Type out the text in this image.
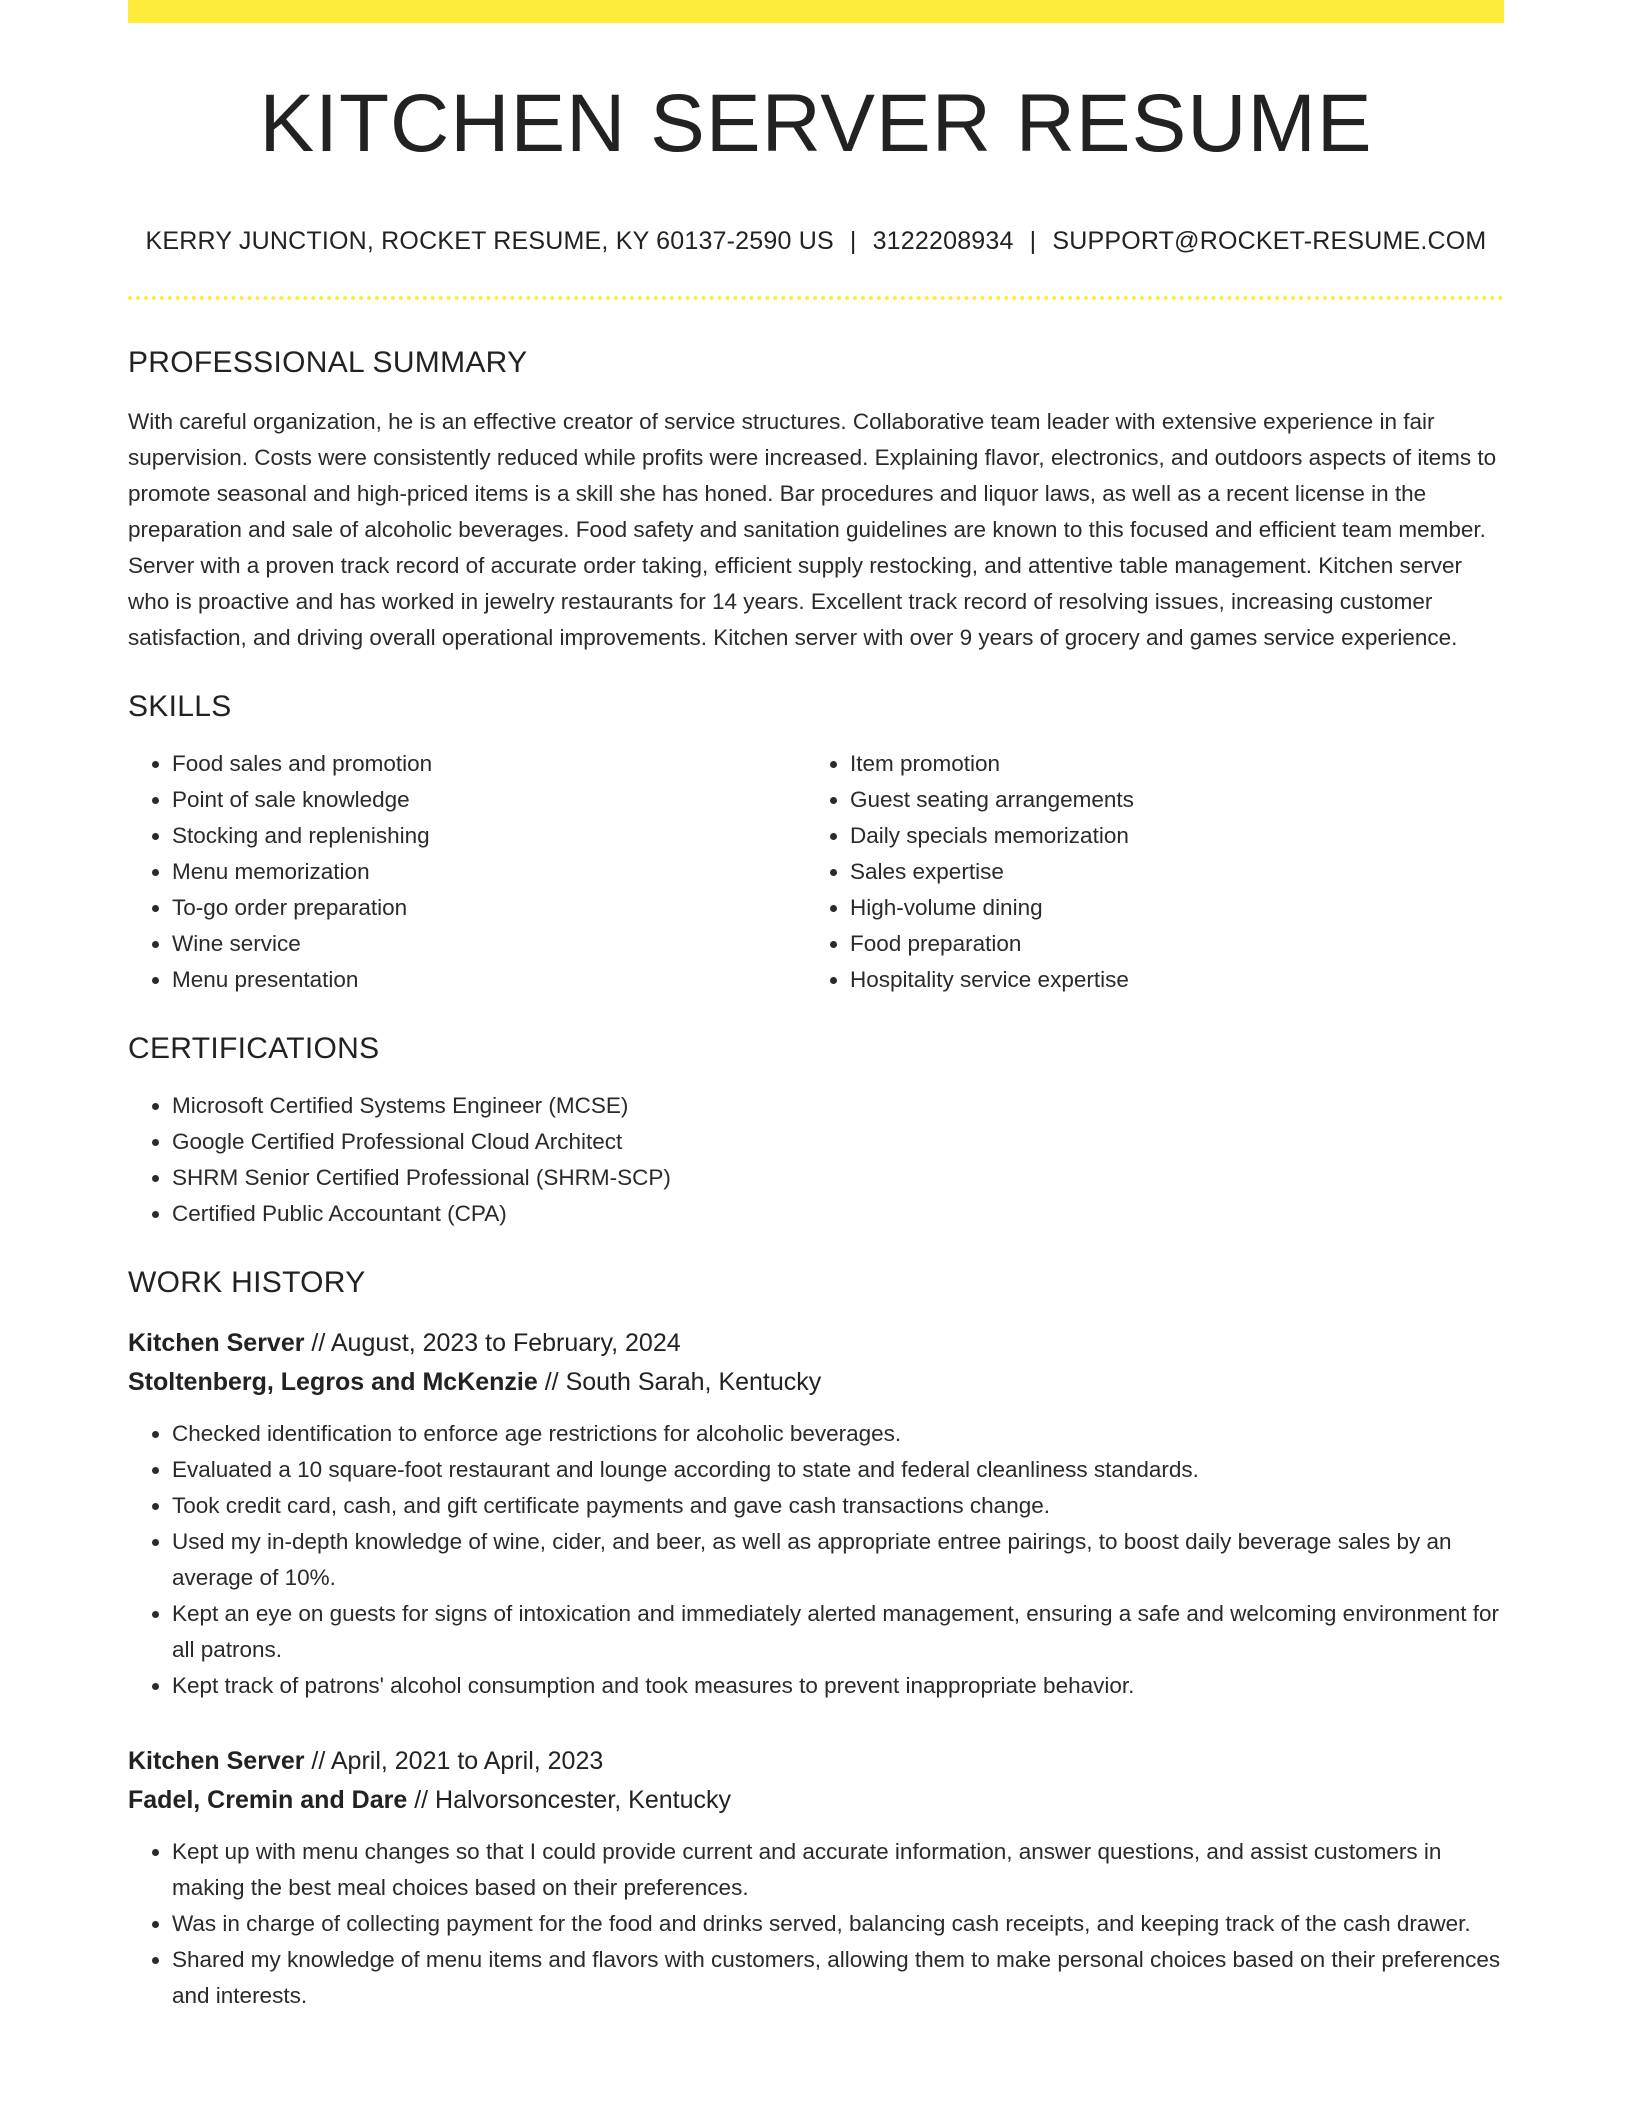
KITCHEN SERVER RESUME
KERRY JUNCTION, ROCKET RESUME, KY 60137-2590 US | 3122208934 | SUPPORT@ROCKET-RESUME.COM
PROFESSIONAL SUMMARY
With careful organization, he is an effective creator of service structures. Collaborative team leader with extensive experience in fair supervision. Costs were consistently reduced while profits were increased. Explaining flavor, electronics, and outdoors aspects of items to promote seasonal and high-priced items is a skill she has honed. Bar procedures and liquor laws, as well as a recent license in the preparation and sale of alcoholic beverages. Food safety and sanitation guidelines are known to this focused and efficient team member. Server with a proven track record of accurate order taking, efficient supply restocking, and attentive table management. Kitchen server who is proactive and has worked in jewelry restaurants for 14 years. Excellent track record of resolving issues, increasing customer satisfaction, and driving overall operational improvements. Kitchen server with over 9 years of grocery and games service experience.
SKILLS
• Food sales and promotion
• Point of sale knowledge
• Stocking and replenishing
• Menu memorization
• To-go order preparation
• Wine service
• Menu presentation
• Item promotion
• Guest seating arrangements
• Daily specials memorization
• Sales expertise
• High-volume dining
• Food preparation
• Hospitality service expertise
CERTIFICATIONS
• Microsoft Certified Systems Engineer (MCSE)
• Google Certified Professional Cloud Architect
• SHRM Senior Certified Professional (SHRM-SCP)
• Certified Public Accountant (CPA)
WORK HISTORY
Kitchen Server // August, 2023 to February, 2024
Stoltenberg, Legros and McKenzie // South Sarah, Kentucky
• Checked identification to enforce age restrictions for alcoholic beverages.
• Evaluated a 10 square-foot restaurant and lounge according to state and federal cleanliness standards.
• Took credit card, cash, and gift certificate payments and gave cash transactions change.
• Used my in-depth knowledge of wine, cider, and beer, as well as appropriate entree pairings, to boost daily beverage sales by an average of 10%.
• Kept an eye on guests for signs of intoxication and immediately alerted management, ensuring a safe and welcoming environment for all patrons.
• Kept track of patrons' alcohol consumption and took measures to prevent inappropriate behavior.
Kitchen Server // April, 2021 to April, 2023
Fadel, Cremin and Dare // Halvorsoncester, Kentucky
• Kept up with menu changes so that I could provide current and accurate information, answer questions, and assist customers in making the best meal choices based on their preferences.
• Was in charge of collecting payment for the food and drinks served, balancing cash receipts, and keeping track of the cash drawer.
• Shared my knowledge of menu items and flavors with customers, allowing them to make personal choices based on their preferences and interests.
